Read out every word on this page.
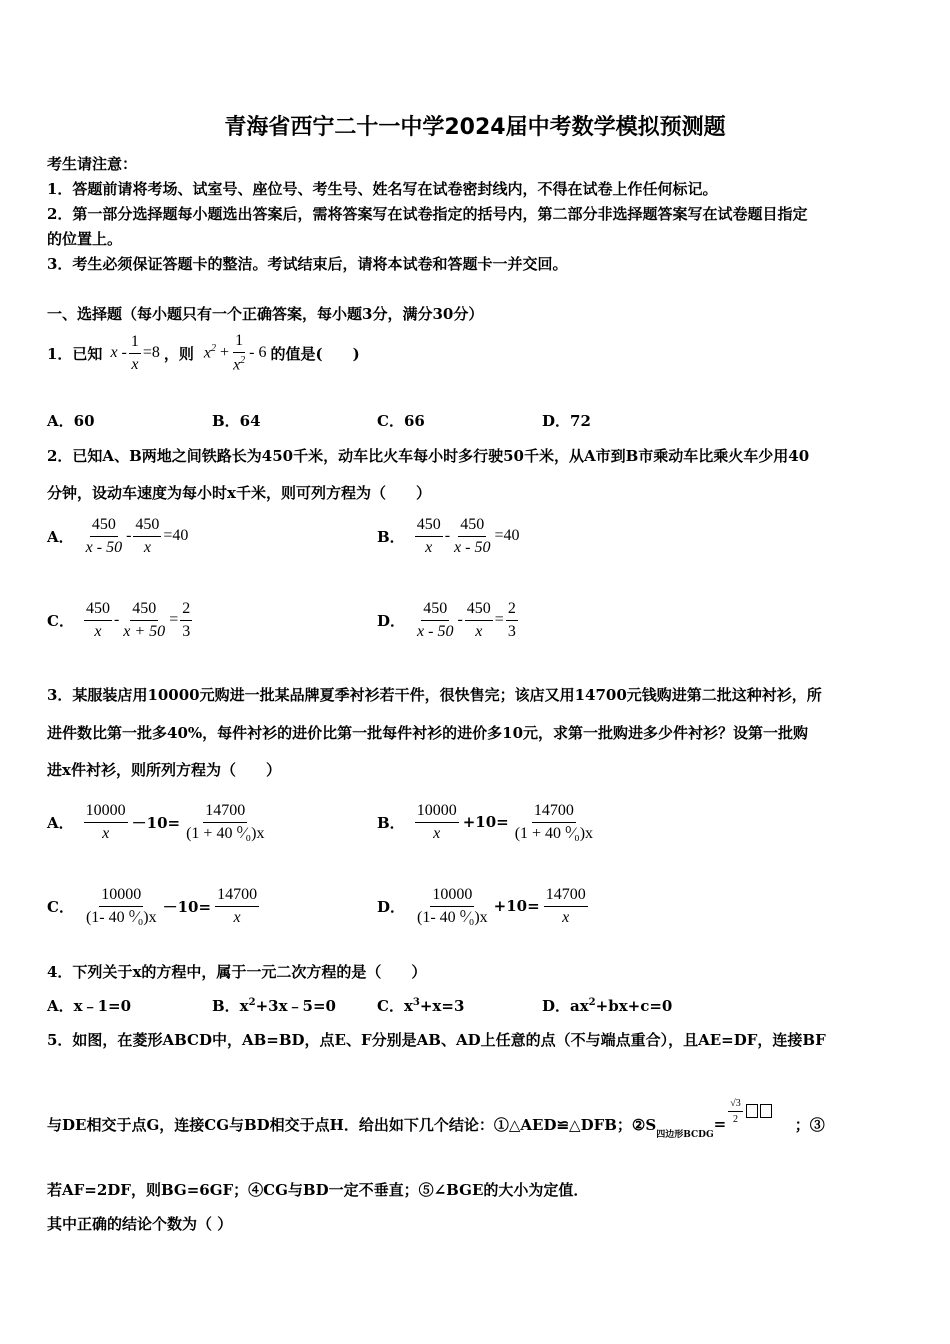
青海省西宁二十一中学2024届中考数学模拟预测题
考生请注意：
1．答题前请将考场、试室号、座位号、考生号、姓名写在试卷密封线内，不得在试卷上作任何标记。
2．第一部分选择题每小题选出答案后，需将答案写在试卷指定的括号内，第二部分非选择题答案写在试卷题目指定
的位置上。
3．考生必须保证答题卡的整洁。考试结束后，请将本试卷和答题卡一并交回。
一、选择题（每小题只有一个正确答案，每小题3分，满分30分）
1．已知 $x - \frac{1}{x} =8$ ，则 $x^2 + \frac{1}{x^2} - 6$ 的值是(　　)
A．60	B．64	C．66	D．72
2．已知A、B两地之间铁路长为450千米，动车比火车每小时多行驶50千米，从A市到B市乘动车比乘火车少用40
分钟，设动车速度为每小时x千米，则可列方程为（　　）
A． $\frac{450}{x - 50} - \frac{450}{x} =40$	B． $\frac{450}{x} - \frac{450}{x - 50} =40$
C． $\frac{450}{x} - \frac{450}{x + 50} = \frac{2}{3}$	D． $\frac{450}{x - 50} - \frac{450}{x} = \frac{2}{3}$
3．某服装店用10000元购进一批某品牌夏季衬衫若干件，很快售完；该店又用14700元钱购进第二批这种衬衫，所
进件数比第一批多40%，每件衬衫的进价比第一批每件衬衫的进价多10元，求第一批购进多少件衬衫？设第一批购
进x件衬衫，则所列方程为（　　）
A． $\frac{10000}{x} -10= \frac{14700}{\text{(1 + 40 ⁰⁄₀)x}}$	B． $\frac{10000}{x} +10= \frac{14700}{\text{(1 + 40 ⁰⁄₀)x}}$
C． $\frac{10000}{\text{(1- 40 ⁰⁄₀)x}} -10= \frac{14700}{x}$	D． $\frac{10000}{\text{(1- 40 ⁰⁄₀)x}} +10= \frac{14700}{x}$
4．下列关于x的方程中，属于一元二次方程的是（　　）
A．x﹣1=0	B．$x^2+3x﹣5=0$	C．$x^3+x=3$	D．$ax^2+bx+c=0$
5．如图，在菱形ABCD中，AB=BD，点E、F分别是AB、AD上任意的点（不与端点重合），且AE=DF，连接BF
与DE相交于点G，连接CG与BD相交于点H．给出如下几个结论：①△AED≌△DFB；②S
四边形BCDG
= $\frac{√3}{2}$	；③
若AF=2DF，则BG=6GF；④CG与BD一定不垂直；⑤∠BGE的大小为定值．
其中正确的结论个数为（ ）
